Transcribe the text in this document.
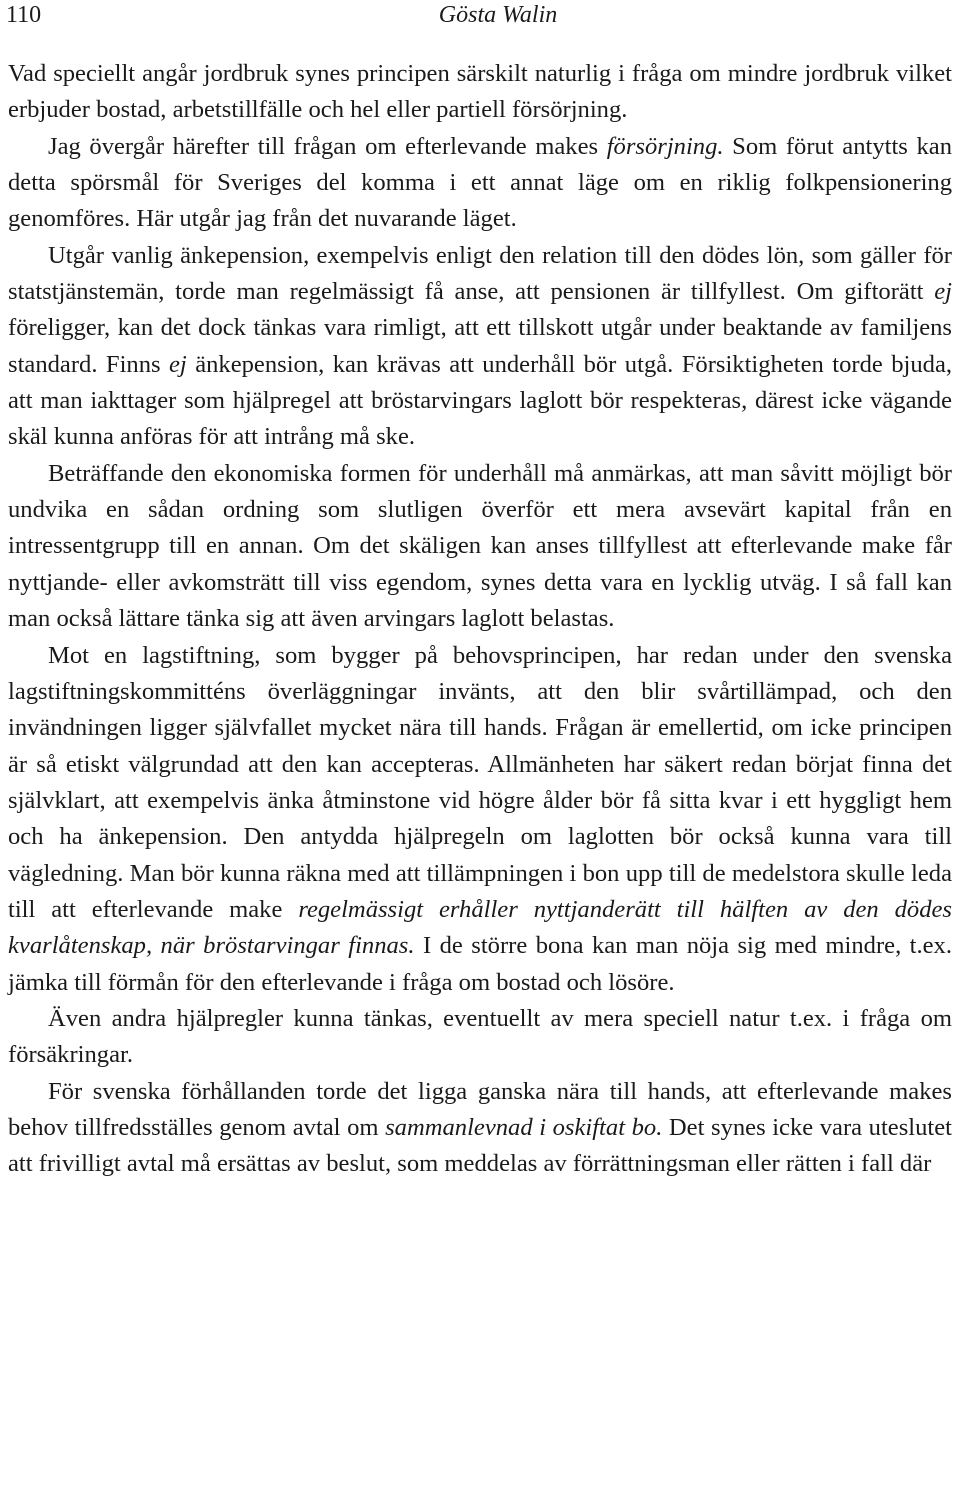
110	Gösta Walin

Vad speciellt angår jordbruk synes principen särskilt naturlig i fråga om mindre jordbruk vilket erbjuder bostad, arbetstillfälle och hel eller partiell försörjning.

Jag övergår härefter till frågan om efterlevande makes försörjning. Som förut antytts kan detta spörsmål för Sveriges del komma i ett annat läge om en riklig folkpensionering genomföres. Här utgår jag från det nuvarande läget.

Utgår vanlig änkepension, exempelvis enligt den relation till den dödes lön, som gäller för statstjänstemän, torde man regelmässigt få anse, att pensionen är tillfyllest. Om giftorätt ej föreligger, kan det dock tänkas vara rimligt, att ett tillskott utgår under beaktande av familjens standard. Finns ej änkepension, kan krävas att underhåll bör utgå. Försiktigheten torde bjuda, att man iakttager som hjälpregel att bröstarvingars laglott bör respekteras, därest icke vägande skäl kunna anföras för att intrång må ske.

Beträffande den ekonomiska formen för underhåll må anmärkas, att man såvitt möjligt bör undvika en sådan ordning som slutligen överför ett mera avsevärt kapital från en intressentgrupp till en annan. Om det skäligen kan anses tillfyllest att efterlevande make får nyttjande- eller avkomsträtt till viss egendom, synes detta vara en lycklig utväg. I så fall kan man också lättare tänka sig att även arvingars laglott belastas.

Mot en lagstiftning, som bygger på behovsprincipen, har redan under den svenska lagstiftningskommitténs överläggningar invänts, att den blir svårtillämpad, och den invändningen ligger självfallet mycket nära till hands. Frågan är emellertid, om icke principen är så etiskt välgrundad att den kan accepteras. Allmänheten har säkert redan börjat finna det självklart, att exempelvis änka åtminstone vid högre ålder bör få sitta kvar i ett hyggligt hem och ha änkepension. Den antydda hjälpregeln om laglotten bör också kunna vara till vägledning. Man bör kunna räkna med att tillämpningen i bon upp till de medelstora skulle leda till att efterlevande make regelmässigt erhåller nyttjanderätt till hälften av den dödes kvarlåtenskap, när bröstarvingar finnas. I de större bona kan man nöja sig med mindre, t.ex. jämka till förmån för den efterlevande i fråga om bostad och lösöre.

Även andra hjälpregler kunna tänkas, eventuellt av mera speciell natur t.ex. i fråga om försäkringar.

För svenska förhållanden torde det ligga ganska nära till hands, att efterlevande makes behov tillfredsställes genom avtal om sammanlevnad i oskiftat bo. Det synes icke vara uteslutet att frivilligt avtal må ersättas av beslut, som meddelas av förrättningsman eller rätten i fall där
